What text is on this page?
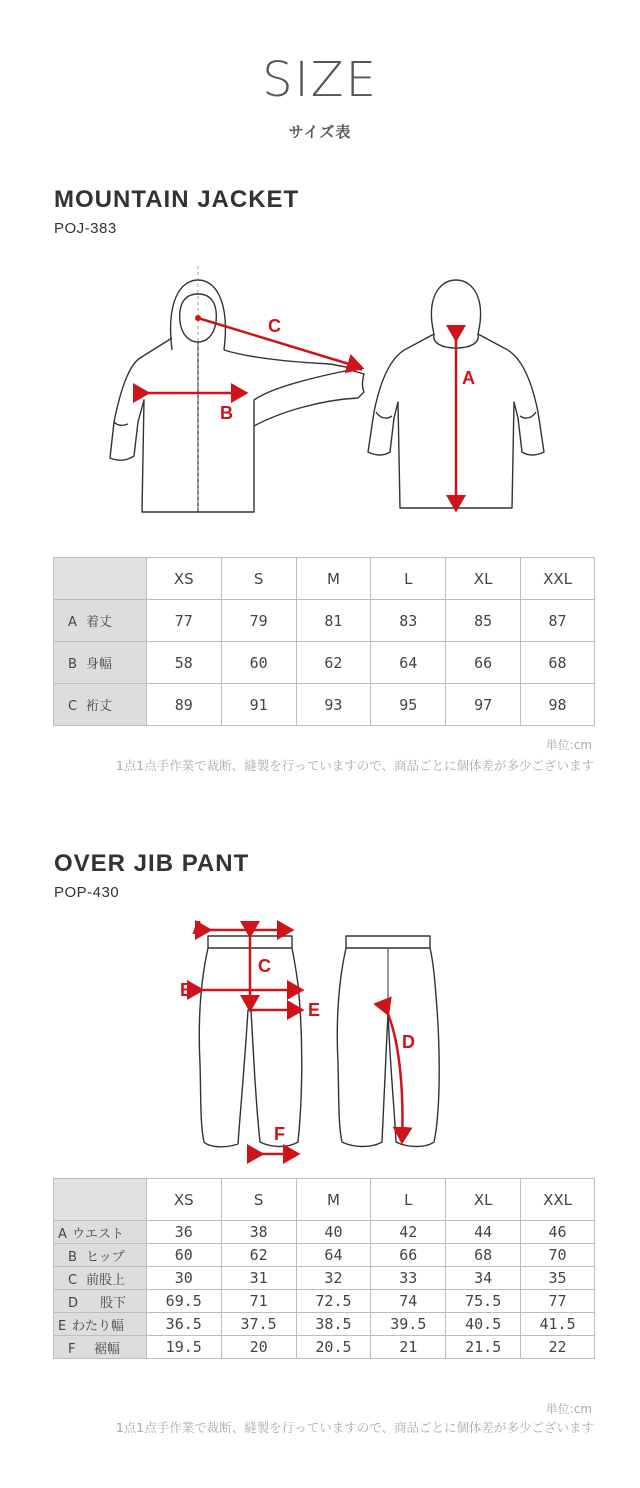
SIZE
サイズ表
MOUNTAIN JACKET
POJ-383
B
C
A
	XS	S	M	L	XL	XXL
A 着丈	77	79	81	83	85	87
B 身幅	58	60	62	64	66	68
C 裄丈	89	91	93	95	97	98
単位:cm
1点1点手作業で裁断、縫製を行っていますので、商品ごとに個体差が多少ございます
OVER JIB PANT
POP-430
A
B
C
D
E
F
	XS	S	M	L	XL	XXL
A ウエスト	36	38	40	42	44	46
B ヒップ	60	62	64	66	68	70
C 前股上	30	31	32	33	34	35
D 股下	69.5	71	72.5	74	75.5	77
E わたり幅	36.5	37.5	38.5	39.5	40.5	41.5
F 裾幅	19.5	20	20.5	21	21.5	22
単位:cm
1点1点手作業で裁断、縫製を行っていますので、商品ごとに個体差が多少ございます
